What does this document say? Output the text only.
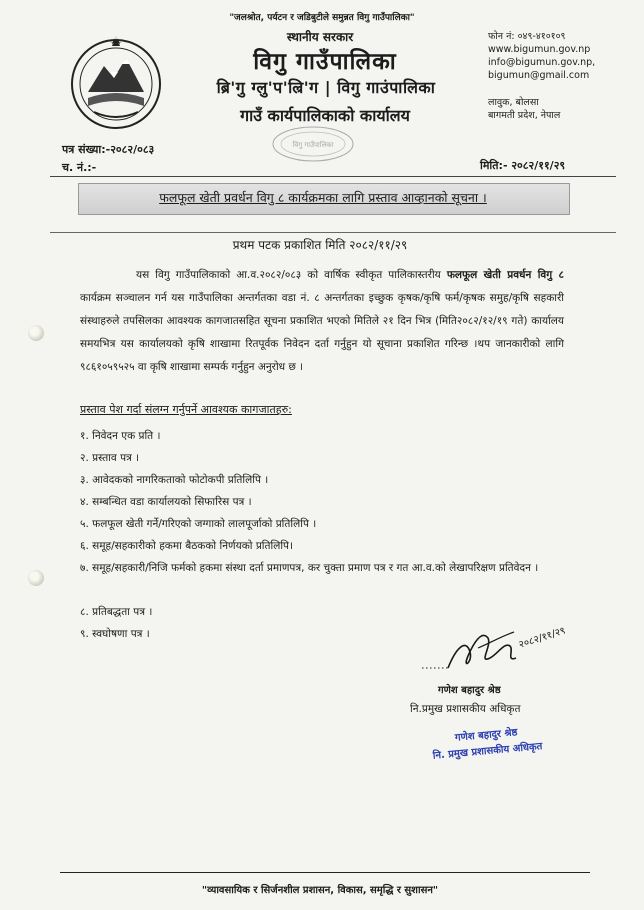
"जलश्रोत, पर्यटन र जडिबुटीले समुन्नत विगु गाउँपालिका"
स्थानीय सरकार
विगु गाउँपालिका
ब्रि'गु ग्लु'प'ल्रि'ग | विगु गाउंपालिका
गाउँ कार्यपालिकाको कार्यालय
विगु गाउँपालिका
फोन नं: ०४९-४१०१०९
www.bigumun.gov.np
info@bigumun.gov.np,
bigumun@gmail.com
लावुक, बोलसा
बागमती प्रदेश, नेपाल
पत्र संख्या:-२०८२/०८३
च. नं.:-	मिति:- २०८२/११/२९
फलफूल खेती प्रवर्धन विगु ८ कार्यक्रमका लागि प्रस्ताव आव्हानको सूचना ।
प्रथम पटक प्रकाशित मिति २०८२/११/२९
यस विगु गाउँपालिकाको आ.व.२०८२/०८३ को वार्षिक स्वीकृत पालिकास्तरीय फलफूल खेती प्रवर्धन विगु ८ कार्यक्रम सञ्चालन गर्न यस गाउँपालिका अन्तर्गतका वडा नं. ८ अन्तर्गतका इच्छुक कृषक/कृषि फर्म/कृषक समुह/कृषि सहकारी संस्थाहरुले तपसिलका आवश्यक कागजातसहित सूचना प्रकाशित भएको मितिले २१ दिन भित्र (मिति२०८२/१२/१९ गते) कार्यालय समयभित्र यस कार्यालयको कृषि शाखामा रितपूर्वक निवेदन दर्ता गर्नुहुन यो सूचाना प्रकाशित गरिन्छ ।थप जानकारीको लागि ९८६१०५९५२५ वा कृषि शाखामा सम्पर्क गर्नुहुन अनुरोध छ ।
प्रस्ताव पेश गर्दा संलग्न गर्नुपर्ने आवश्यक कागजातहरु:
१. निवेदन एक प्रति ।
२. प्रस्ताव पत्र ।
३. आवेदकको नागरिकताको फोटोकपी प्रतिलिपि ।
४. सम्बन्धित वडा कार्यालयको सिफारिस पत्र ।
५. फलफूल खेती गर्ने/गरिएको जग्गाको लालपूर्जाको प्रतिलिपि ।
६. समूह/सहकारीको हकमा बैठकको निर्णयको प्रतिलिपि।
७. समूह/सहकारी/निजि फर्मको हकमा संस्था दर्ता प्रमाणपत्र, कर चुक्ता प्रमाण पत्र र गत आ.व.को लेखापरिक्षण प्रतिवेदन ।
८. प्रतिबद्धता पत्र ।
९. स्वघोषणा पत्र ।	२०८२/११/२९
गणेश बहादुर श्रेष्ठ
नि.प्रमुख प्रशासकीय अधिकृत
गणेश बहादुर श्रेष्ठ
नि. प्रमुख प्रशासकीय अधिकृत
"व्यावसायिक र सिर्जनशील प्रशासन, विकास, समृद्धि र सुशासन"
